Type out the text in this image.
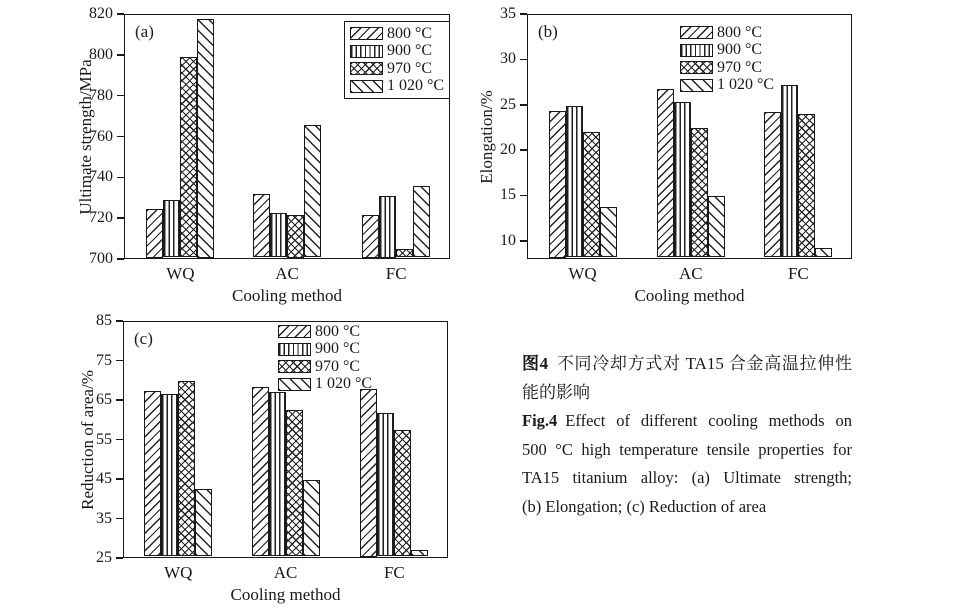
(a)
700
720
740
760
780
800
820
WQ	AC	FC
Cooling method
Ultimate strength/MPa
800 °C
900 °C
970 °C
1 020 °C
(b)
10
15
20
25
30
35
WQ	AC	FC
Cooling method
Elongation/%
800 °C
900 °C
970 °C
1 020 °C
(c)
25
35
45
55
65
75
85
WQ	AC	FC
Cooling method
Reduction of area/%
800 °C
900 °C
970 °C
1 020 °C
图4 不同冷却方式对 TA15 合金高温拉伸性
能的影响
Fig.4 Effect of different cooling methods on
500 °C high temperature tensile properties for
TA15 titanium alloy: (a) Ultimate strength;
(b) Elongation; (c) Reduction of area
